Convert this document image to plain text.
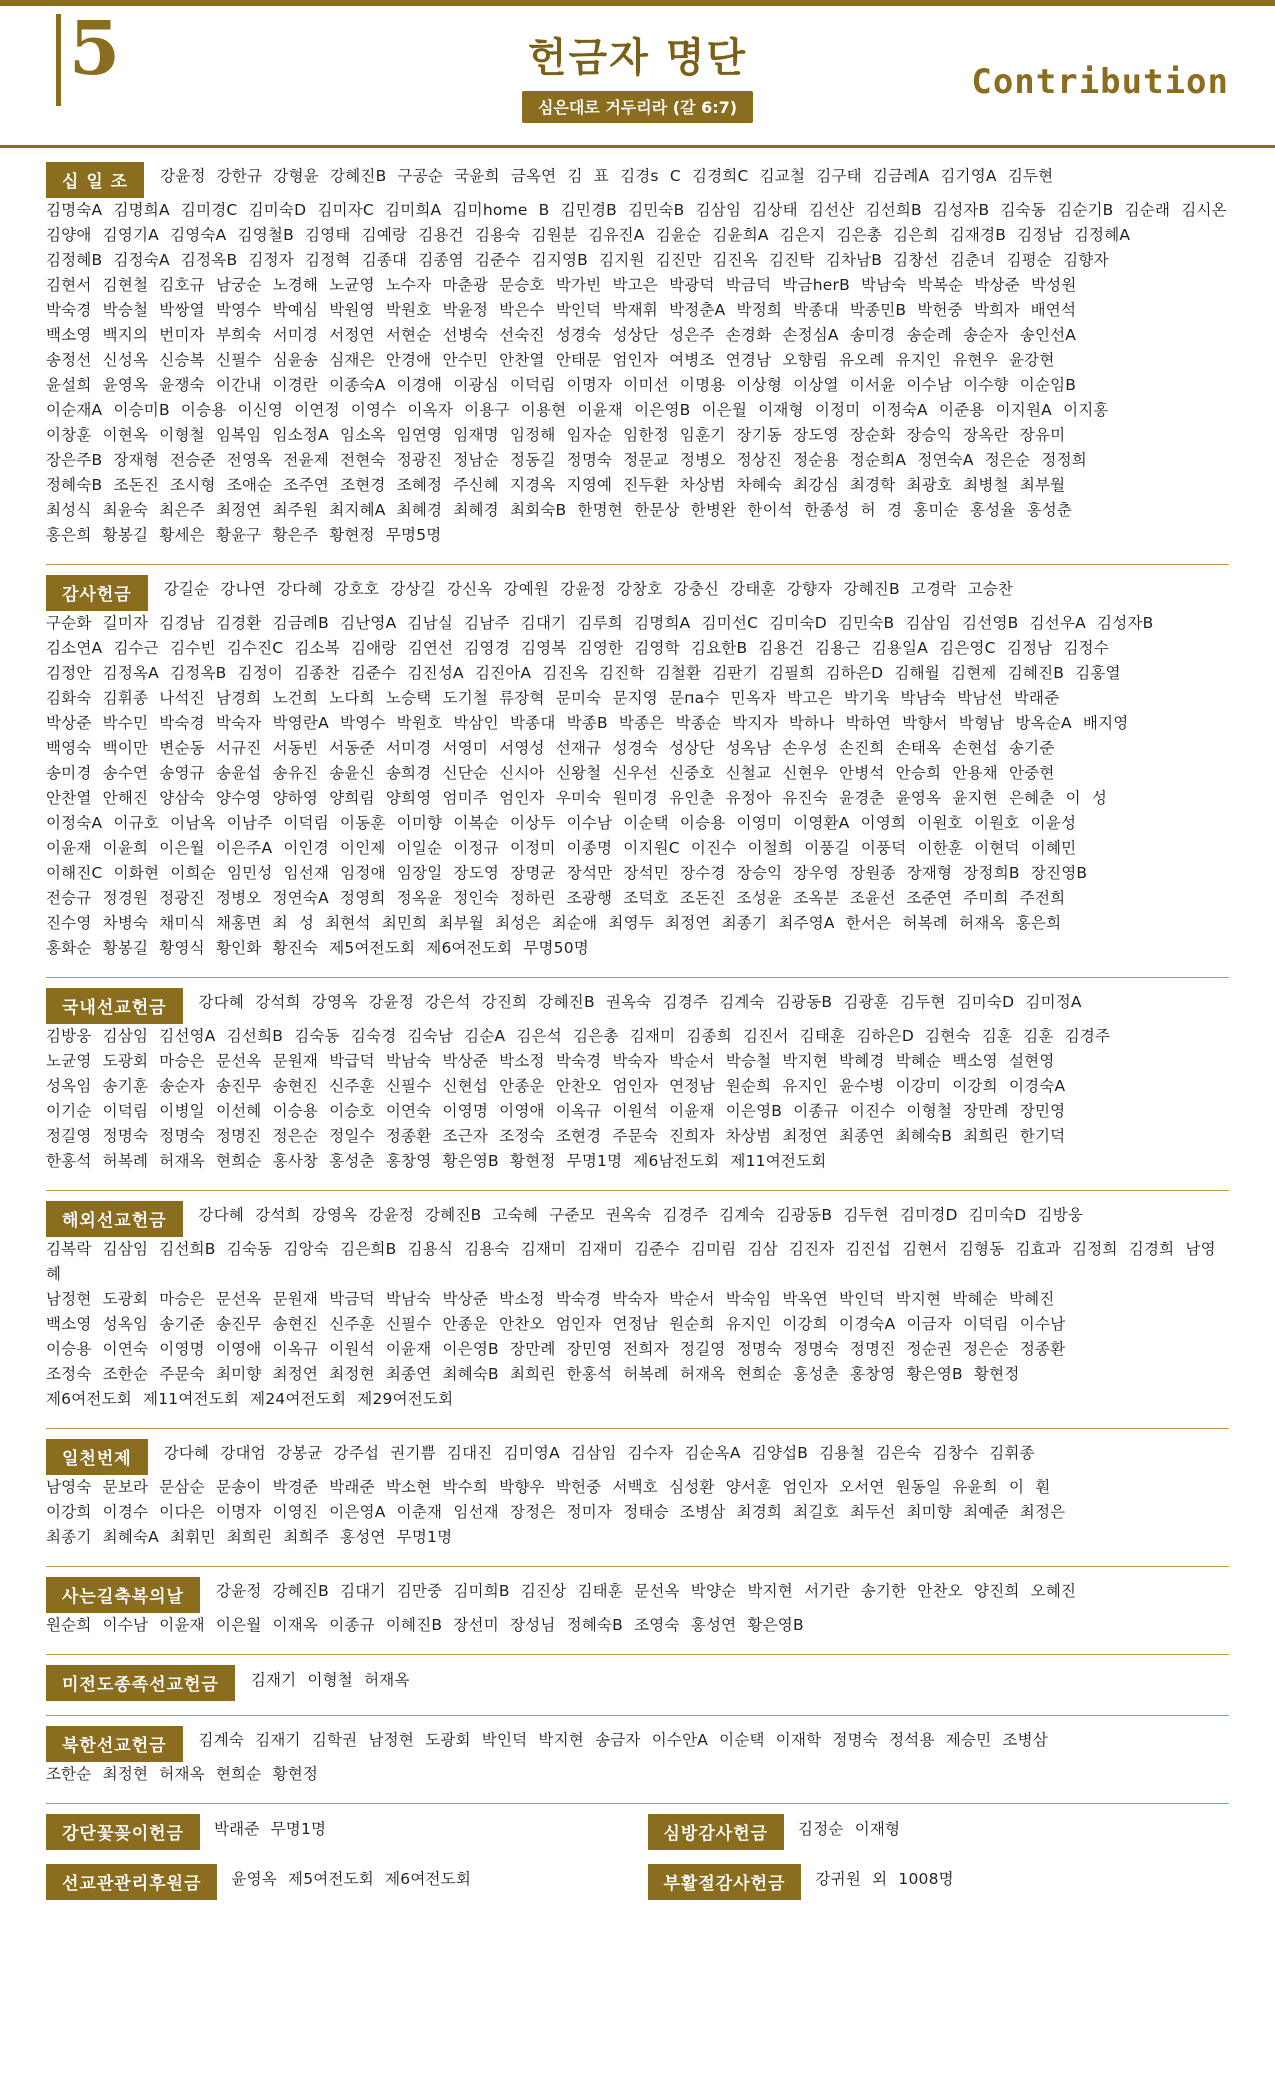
5	헌금자 명단
심은대로 거두리라 (갈 6:7)
Contribution
십 일 조	강윤정 강한규 강형윤 강혜진B 구공순 국윤희 금옥연 김 표 김경s C 김경희C 김교철 김구태 김금례A 김기영A 김두현
김명숙A 김명희A 김미경C 김미숙D 김미자C 김미희A 김미home B 김민경B 김민숙B 김삼임 김상태 김선산 김선희B 김성자B 김숙동 김순기B 김순래 김시온
김양애 김영기A 김영숙A 김영철B 김영태 김예랑 김용건 김용숙 김원분 김유진A 김윤순 김윤희A 김은지 김은총 김은희 김재경B 김정남 김정혜A
김정혜B 김정숙A 김정옥B 김정자 김정혁 김종대 김종염 김준수 김지영B 김지원 김진만 김진옥 김진탁 김차남B 김창선 김춘녀 김평순 김향자
김현서 김현철 김호규 남궁순 노경해 노균영 노수자 마춘광 문승호 박가빈 박고은 박광덕 박금덕 박금herB 박남숙 박복순 박상준 박성원
박숙경 박승철 박쌍열 박영수 박예심 박원영 박원호 박윤정 박은수 박인덕 박재휘 박정춘A 박정희 박종대 박종민B 박헌중 박희자 배연석
백소영 백지의 번미자 부희숙 서미경 서정연 서현순 선병숙 선숙진 성경숙 성상단 성은주 손경화 손정심A 송미경 송순례 송순자 송인선A
송정선 신성옥 신승복 신필수 심윤송 심재은 안경애 안수민 안찬열 안태문 엄인자 여병조 연경남 오향림 유오례 유지인 유현우 윤강현
윤설희 윤영옥 윤쟁숙 이간내 이경란 이종숙A 이경애 이광심 이덕림 이명자 이미선 이명용 이상형 이상열 이서윤 이수남 이수향 이순임B
이순재A 이승미B 이승용 이신영 이연정 이영수 이옥자 이용구 이용현 이윤재 이은영B 이은월 이재형 이정미 이정숙A 이준용 이지원A 이지홍
이창훈 이현옥 이형철 임복임 임소정A 임소옥 임연영 임재명 임정해 임자순 임한정 임훈기 장기동 장도영 장순화 장승익 장옥란 장유미
장은주B 장재형 전승준 전영옥 전윤제 전현숙 정광진 정남순 정동길 정명숙 정문교 정병오 정상진 정순용 정순희A 정연숙A 정은순 정정희
정혜숙B 조돈진 조시형 조애순 조주연 조현경 조혜정 주신혜 지경옥 지영예 진두환 차상범 차혜숙 최강심 최경학 최광호 최병철 최부월
최성식 최윤숙 최은주 최정연 최주원 최지혜A 최혜경 최혜경 최회숙B 한명현 한문상 한병완 한이석 한종성 허 경 홍미순 홍성율 홍성춘
홍은희 황봉길 황세은 황윤구 황은주 황현정 무명5명
감사헌금	강길순 강나연 강다혜 강호호 강상길 강신옥 강예원 강윤정 강창호 강충신 강태훈 강향자 강혜진B 고경락 고승찬
구순화 길미자 김경남 김경환 김금례B 김난영A 김남실 김남주 김대기 김루희 김명희A 김미선C 김미숙D 김민숙B 김삼임 김선영B 김선우A 김성자B
김소연A 김수근 김수빈 김수진C 김소복 김애랑 김연선 김영경 김영복 김영한 김영학 김요한B 김용건 김용근 김용일A 김은영C 김정남 김정수
김정안 김정옥A 김정옥B 김정이 김종찬 김준수 김진성A 김진아A 김진옥 김진학 김철환 김판기 김필희 김하은D 김해월 김현제 김혜진B 김홍열
김화숙 김휘종 나석진 남경희 노건희 노다희 노승택 도기철 류장혁 문미숙 문지영 문па수 민옥자 박고은 박기욱 박남숙 박남선 박래준
박상준 박수민 박숙경 박숙자 박영란A 박영수 박원호 박삼인 박종대 박종B 박종은 박종순 박지자 박하나 박하연 박향서 박형남 방옥순A 배지영
백영숙 백이만 변순동 서규진 서동빈 서동준 서미경 서영미 서영성 선재규 성경숙 성상단 성옥남 손우성 손진희 손태옥 손현섭 송기준
송미경 송수연 송영규 송윤섭 송유진 송윤신 송희경 신단순 신시아 신왕철 신우선 신중호 신철교 신현우 안병석 안승희 안용채 안중현
안찬열 안해진 양삼숙 양수영 양하영 양희림 양희영 엄미주 엄인자 우미숙 원미경 유인춘 유정아 유진숙 윤경춘 윤영옥 윤지현 은혜춘 이 성
이정숙A 이규호 이남옥 이남주 이덕림 이동훈 이미향 이복순 이상두 이수남 이순택 이승용 이영미 이영환A 이영희 이원호 이원호 이윤성
이윤재 이윤희 이은월 이은주A 이인경 이인제 이일순 이정규 이정미 이종명 이지원C 이진수 이철희 이풍길 이풍덕 이한훈 이현덕 이혜민
이해진C 이화현 이희순 임민성 임선재 임정애 임장일 장도영 장명균 장석만 장석민 장수경 장승익 장우영 장원종 장재형 장정희B 장진영B
전승규 정경원 정광진 정병오 정연숙A 정영희 정옥윤 정인숙 정하린 조광행 조덕호 조돈진 조성윤 조옥분 조윤선 조준연 주미희 주전희
진수영 차병숙 채미식 채홍면 최 성 최현석 최민희 최부월 최성은 최순애 최영두 최정연 최종기 최주영A 한서은 허복례 허재옥 홍은희
홍화순 황봉길 황영식 황인화 황진숙 제5여전도회 제6여전도회 무명50명
국내선교헌금	강다혜 강석희 강영옥 강윤정 강은석 강진희 강혜진B 권옥숙 김경주 김계숙 김광동B 김광훈 김두현 김미숙D 김미정A
김방웅 김삼임 김선영A 김선희B 김숙동 김숙경 김숙남 김순A 김은석 김은총 김재미 김종희 김진서 김태훈 김하은D 김현숙 김훈 김훈 김경주
노균영 도광회 마승은 문선옥 문원재 박급덕 박남숙 박상준 박소정 박숙경 박숙자 박순서 박승철 박지현 박혜경 박혜순 백소영 설현영
성옥임 송기훈 송순자 송진무 송현진 신주훈 신필수 신현섭 안종운 안찬오 엄인자 연정남 원순희 유지인 윤수병 이강미 이강희 이경숙A
이기순 이덕림 이병일 이선혜 이승용 이승호 이연숙 이영명 이영애 이옥규 이원석 이윤재 이은영B 이종규 이진수 이형철 장만례 장민영
정길영 정명숙 정명숙 정명진 정은순 정일수 정종환 조근자 조정숙 조현경 주문숙 진희자 차상범 최정연 최종연 최혜숙B 최희린 한기덕
한홍석 허복례 허재옥 현희순 홍사창 홍성춘 홍창영 황은영B 황현정 무명1명 제6남전도회 제11여전도회
해외선교헌금	강다혜 강석희 강영옥 강윤정 강혜진B 고숙혜 구준모 권옥숙 김경주 김계숙 김광동B 김두현 김미경D 김미숙D 김방웅
김복락 김삼임 김선희B 김숙동 김앙숙 김은희B 김용식 김용숙 김재미 김재미 김준수 김미림 김삼 김진자 김진섭 김현서 김형동 김효과 김정희 김경희 남영혜
남정현 도광회 마승은 문선옥 문원재 박금덕 박남숙 박상준 박소정 박숙경 박숙자 박순서 박숙임 박옥연 박인덕 박지현 박혜순 박혜진
백소영 성옥임 송기준 송진무 송현진 신주훈 신필수 안종운 안찬오 엄인자 연정남 원순희 유지인 이강희 이경숙A 이금자 이덕림 이수남
이승용 이연숙 이영명 이영애 이옥규 이원석 이윤재 이은영B 장만례 장민영 전희자 정길영 정명숙 정명숙 정명진 정순권 정은순 정종환
조정숙 조한순 주문숙 최미향 최정연 최정현 최종연 최혜숙B 최희린 한홍석 허복례 허재옥 현희순 홍성춘 홍창영 황은영B 황현정
제6여전도회 제11여전도회 제24여전도회 제29여전도회
일천번제	강다혜 강대엄 강봉균 강주섭 권기쁨 김대진 김미영A 김삼임 김수자 김순옥A 김양섭B 김용철 김은숙 김창수 김휘종
남영숙 문보라 문삼순 문송이 박경준 박래준 박소현 박수희 박향우 박헌중 서백호 심성환 양서훈 엄인자 오서연 원동일 유윤희 이 훤
이강희 이경수 이다은 이명자 이영진 이은영A 이춘재 임선재 장정은 정미자 정태승 조병삼 최경희 최길호 최두선 최미향 최예준 최정은
최종기 최혜숙A 최휘민 최희린 최희주 홍성연 무명1명
사는길축복의날	강윤정 강혜진B 김대기 김만중 김미희B 김진상 김태훈 문선옥 박양순 박지현 서기란 송기한 안찬오 양진희 오혜진
원순희 이수남 이윤재 이은월 이재옥 이종규 이혜진B 장선미 장성님 정혜숙B 조영숙 홍성연 황은영B
미전도종족선교헌금	김재기 이형철 허재옥
북한선교헌금	김계숙 김재기 김학권 남정현 도광회 박인덕 박지현 송금자 이수안A 이순택 이재학 정명숙 정석용 제승민 조병삼
조한순 최정현 허재옥 현희순 황현정
강단꽃꽂이헌금	박래준 무명1명	심방감사헌금	김정순 이재형
선교관관리후원금	윤영옥 제5여전도회 제6여전도회	부활절감사헌금	강귀원 외 1008명
